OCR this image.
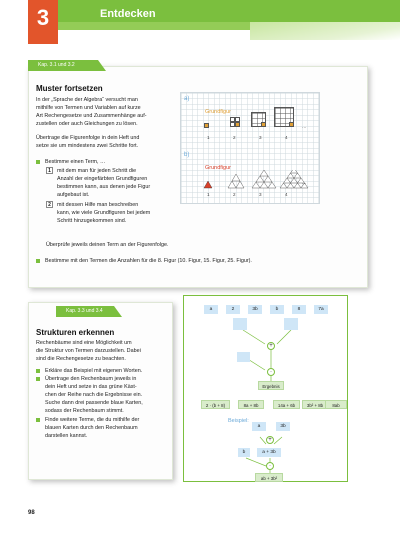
3	Entdecken
Kap. 3.1 und 3.2
Muster fortsetzen
In der „Sprache der Algebra“ versucht man
mithilfe von Termen und Variablen auf kurze
Art Rechengesetze und Zusammenhänge auf-
zustellen oder auch Gleichungen zu lösen.
Übertrage die Figurenfolge in dein Heft und
setze sie um mindestens zwei Schritte fort.
Bestimme einen Term, …
1 mit dem man für jeden Schritt die
Anzahl der eingefärbten Grundfiguren
bestimmen kann, aus denen jede Figur
aufgebaut ist.
2 mit dessen Hilfe man beschreiben
kann, wie viele Grundfiguren bei jedem
Schritt hinzugekommen sind.
Überprüfe jeweils deinen Term an der Figurenfolge.
Bestimme mit den Termen die Anzahlen für die 8. Figur (10. Figur, 15. Figur, 25. Figur).
a)
Grundfigur
1	2	3	4
…
b)
Grundfigur
1	2	3	4
…
Kap. 3.3 und 3.4
Strukturen erkennen
Rechenbäume sind eine Möglichkeit um
die Struktur von Termen darzustellen. Dabei
sind die Rechengesetze zu beachten.
Erkläre das Beispiel mit eigenen Worten.
Übertrage den Rechenbaum jeweils in
dein Heft und setze in das grüne Käst-
chen der Reihe nach die Ergebnisse ein.
Suche dann drei passende blaue Karten,
sodass der Rechenbaum stimmt.
Finde weitere Terme, die du mithilfe der
blauen Karten durch den Rechenbaum
darstellen kannst.
a	2	3b	b	8	7a
+
·
Ergebnis
2 · (b + 8)	8a + 8b	14a + 6b	3b² + 8b	8ab
Beispiel:
a	3b
+
b	a + 3b
·
ab + 3b²
98
